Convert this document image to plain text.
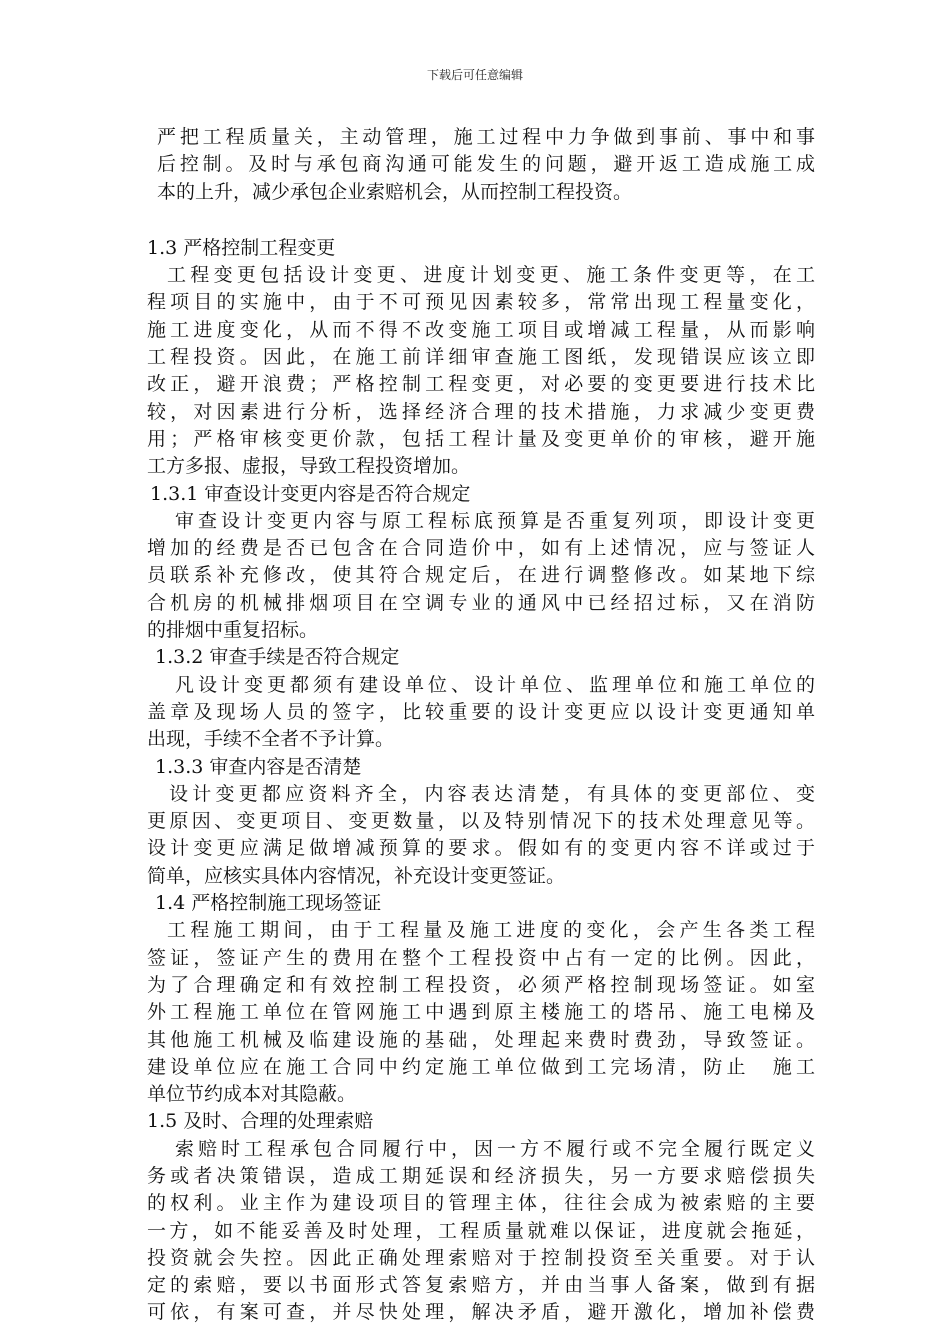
下载后可任意编辑
严把工程质量关，主动管理，施工过程中力争做到事前、事中和事
后控制。及时与承包商沟通可能发生的问题，避开返工造成施工成
本的上升，减少承包企业索赔机会，从而控制工程投资。
1.3 严格控制工程变更
工程变更包括设计变更、进度计划变更、施工条件变更等，在工
程项目的实施中，由于不可预见因素较多，常常出现工程量变化，
施工进度变化，从而不得不改变施工项目或增减工程量，从而影响
工程投资。因此，在施工前详细审查施工图纸，发现错误应该立即
改正，避开浪费；严格控制工程变更，对必要的变更要进行技术比
较，对因素进行分析，选择经济合理的技术措施，力求减少变更费
用；严格审核变更价款，包括工程计量及变更单价的审核，避开施
工方多报、虚报，导致工程投资增加。
1.3.1 审查设计变更内容是否符合规定
审查设计变更内容与原工程标底预算是否重复列项，即设计变更
增加的经费是否已包含在合同造价中，如有上述情况，应与签证人
员联系补充修改，使其符合规定后，在进行调整修改。如某地下综
合机房的机械排烟项目在空调专业的通风中已经招过标，又在消防
的排烟中重复招标。
1.3.2 审查手续是否符合规定
凡设计变更都须有建设单位、设计单位、监理单位和施工单位的
盖章及现场人员的签字，比较重要的设计变更应以设计变更通知单
出现，手续不全者不予计算。
1.3.3 审查内容是否清楚
设计变更都应资料齐全，内容表达清楚，有具体的变更部位、变
更原因、变更项目、变更数量，以及特别情况下的技术处理意见等。
设计变更应满足做增减预算的要求。假如有的变更内容不详或过于
简单，应核实具体内容情况，补充设计变更签证。
1.4 严格控制施工现场签证
工程施工期间，由于工程量及施工进度的变化，会产生各类工程
签证，签证产生的费用在整个工程投资中占有一定的比例。因此，
为了合理确定和有效控制工程投资，必须严格控制现场签证。如室
外工程施工单位在管网施工中遇到原主楼施工的塔吊、施工电梯及
其他施工机械及临建设施的基础，处理起来费时费劲，导致签证。
建设单位应在施工合同中约定施工单位做到工完场清，防止　施工
单位节约成本对其隐蔽。
1.5 及时、合理的处理索赔
索赔时工程承包合同履行中，因一方不履行或不完全履行既定义
务或者决策错误，造成工期延误和经济损失，另一方要求赔偿损失
的权利。业主作为建设项目的管理主体，往往会成为被索赔的主要
一方，如不能妥善及时处理，工程质量就难以保证，进度就会拖延，
投资就会失控。因此正确处理索赔对于控制投资至关重要。对于认
定的索赔，要以书面形式答复索赔方，并由当事人备案，做到有据
可依，有案可查，并尽快处理，解决矛盾，避开激化，增加补偿费
